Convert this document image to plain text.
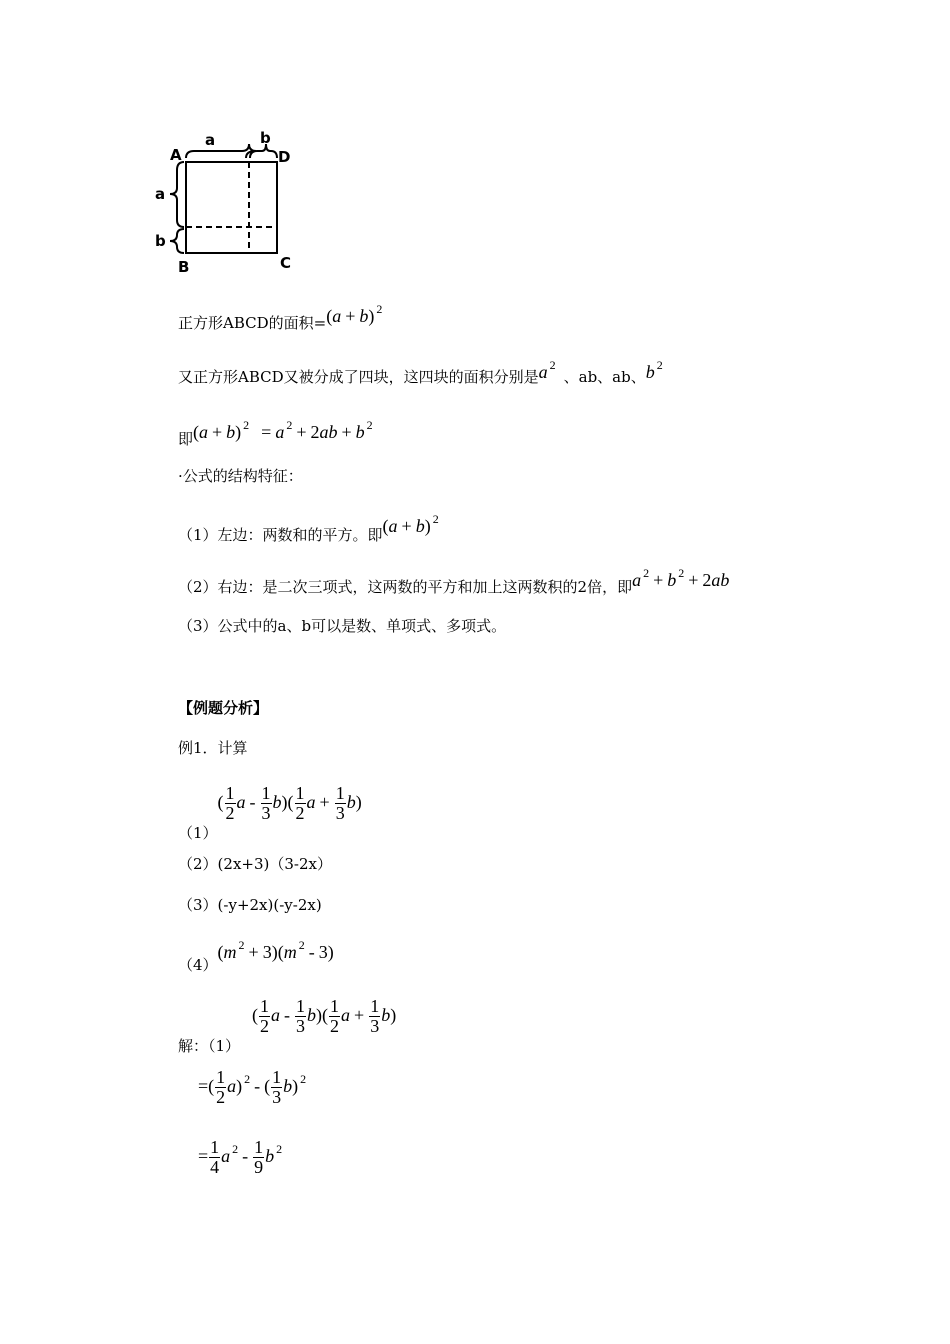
a	b
A	D
a
b
B	C
正方形ABCD的面积=(a + b) $^2$
又正方形ABCD又被分成了四块，这四块的面积分别是a $^2$、ab、ab、b $^2$
即(a + b) $^2$ = a $^2$ + 2ab + b $^2$
·公式的结构特征：
（1）左边：两数和的平方。即(a + b) $^2$
（2）右边：是二次三项式，这两数的平方和加上这两数积的2倍，即a $^2$ + b $^2$ + 2ab
（3）公式中的a、b可以是数、单项式、多项式。
【例题分析】
例1．计算
$(1)( \frac{1}{2}$ a - $\frac{1}{3} b)( \frac{1}{2}$ $a + \frac{1}{3} b$)
（2）(2x+3)（3-2x）
（3）(-y+2x)(-y-2x)
（4）(m $^2$ + 3)(m $^2$ - 3)
解：$(1)( \frac{1}{2}$ a - $\frac{1}{3} b)( \frac{1}{2}$ $a + \frac{1}{3} b$)
=( $\frac{1}{2} a$) $^2$ - ( $\frac{1}{3} b$) $^2$
= $\frac{1}{4}$ a $^2 - \frac{1}{9}$ b $^2$
